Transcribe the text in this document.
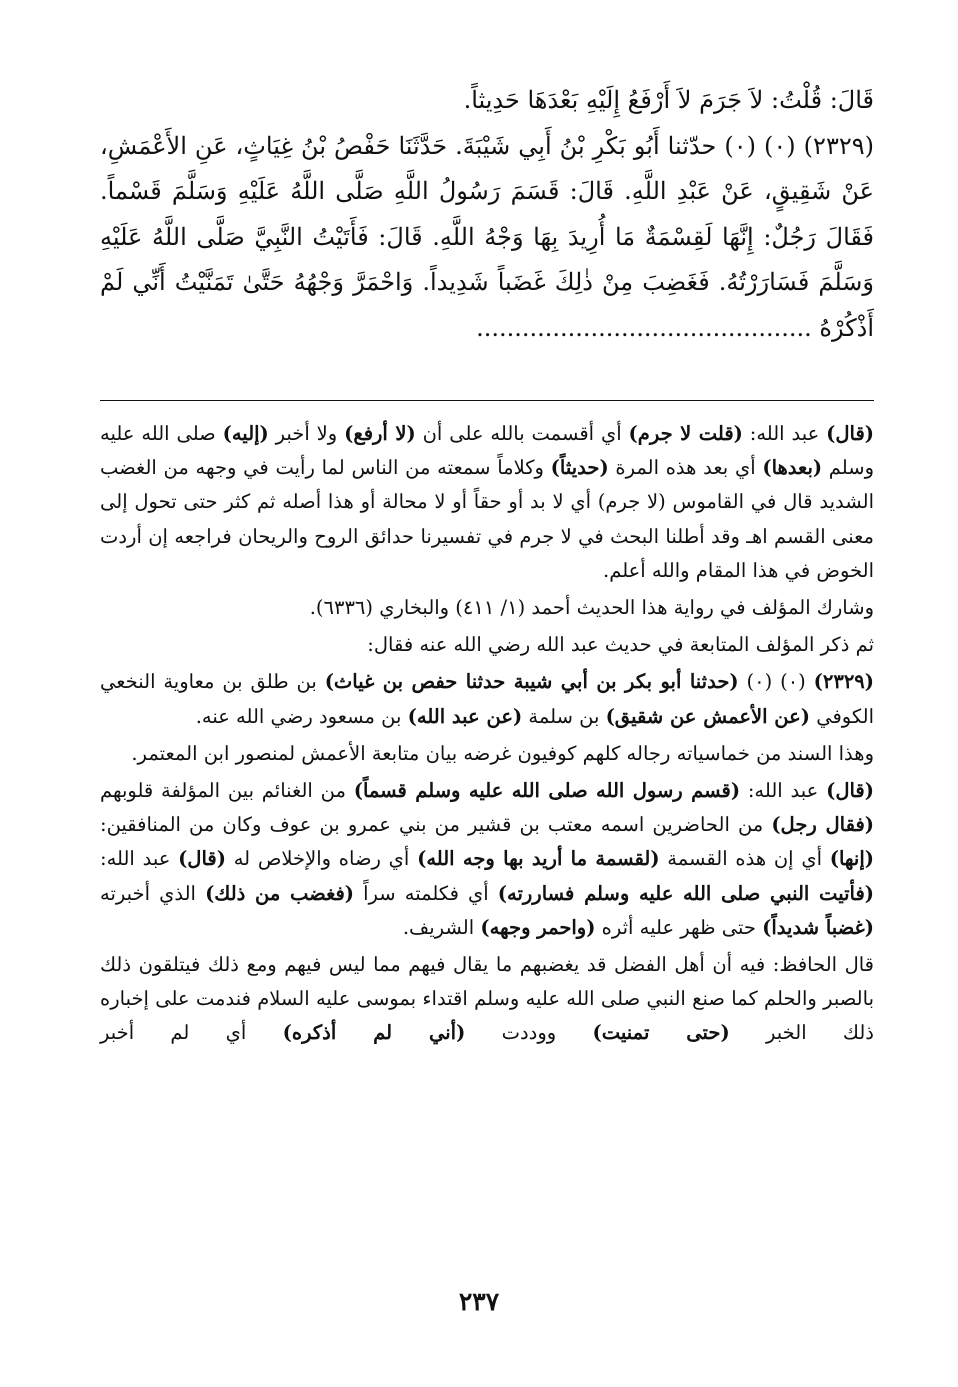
قَالَ: قُلْتُ: لاَ جَرَمَ لاَ أَرْفَعُ إِلَيْهِ بَعْدَهَا حَدِيثاً.

(٢٣٢٩) (٠) (٠) حدّثنا أَبُو بَكْرِ بْنُ أَبِي شَيْبَةَ. حَدَّثَنَا حَفْصُ بْنُ غِيَاثٍ، عَنِ الأَعْمَشِ، عَنْ شَقِيقٍ، عَنْ عَبْدِ اللَّهِ. قَالَ: قَسَمَ رَسُولُ اللَّهِ صَلَّى اللَّهُ عَلَيْهِ وَسَلَّمَ قَسْماً. فَقَالَ رَجُلٌ: إِنَّهَا لَقِسْمَةٌ مَا أُرِيدَ بِهَا وَجْهُ اللَّهِ. قَالَ: فَأَتَيْتُ النَّبِيَّ صَلَّى اللَّهُ عَلَيْهِ وَسَلَّمَ فَسَارَرْتُهُ. فَغَضِبَ مِنْ ذٰلِكَ غَضَباً شَدِيداً. وَاحْمَرَّ وَجْهُهُ حَتَّىٰ تَمَنَّيْتُ أَنِّي لَمْ أَذْكُرْهُ ............................................

(قال) عبد الله: (قلت لا جرم) أي أقسمت بالله على أن (لا أرفع) ولا أخبر (إليه) صلى الله عليه وسلم (بعدها) أي بعد هذه المرة (حديثاً) وكلاماً سمعته من الناس لما رأيت في وجهه من الغضب الشديد قال في القاموس (لا جرم) أي لا بد أو حقاً أو لا محالة أو هذا أصله ثم كثر حتى تحول إلى معنى القسم اهـ وقد أطلنا البحث في لا جرم في تفسيرنا حدائق الروح والريحان فراجعه إن أردت الخوض في هذا المقام والله أعلم.

وشارك المؤلف في رواية هذا الحديث أحمد (١/ ٤١١) والبخاري (٦٣٣٦).

ثم ذكر المؤلف المتابعة في حديث عبد الله رضي الله عنه فقال:

(٢٣٢٩) (٠) (٠) (حدثنا أبو بكر بن أبي شيبة حدثنا حفص بن غياث) بن طلق بن معاوية النخعي الكوفي (عن الأعمش عن شقيق) بن سلمة (عن عبد الله) بن مسعود رضي الله عنه.

وهذا السند من خماسياته رجاله كلهم كوفيون غرضه بيان متابعة الأعمش لمنصور ابن المعتمر.

(قال) عبد الله: (قسم رسول الله صلى الله عليه وسلم قسماً) من الغنائم بين المؤلفة قلوبهم (فقال رجل) من الحاضرين اسمه معتب بن قشير من بني عمرو بن عوف وكان من المنافقين: (إنها) أي إن هذه القسمة (لقسمة ما أريد بها وجه الله) أي رضاه والإخلاص له (قال) عبد الله: (فأتيت النبي صلى الله عليه وسلم فساررته) أي فكلمته سراً (فغضب من ذلك) الذي أخبرته (غضباً شديداً) حتى ظهر عليه أثره (واحمر وجهه) الشريف.

قال الحافظ: فيه أن أهل الفضل قد يغضبهم ما يقال فيهم مما ليس فيهم ومع ذلك فيتلقون ذلك بالصبر والحلم كما صنع النبي صلى الله عليه وسلم اقتداء بموسى عليه السلام فندمت على إخباره ذلك الخبر (حتى تمنيت) ووددت (أني لم أذكره) أي لم أخبر

٢٣٧
